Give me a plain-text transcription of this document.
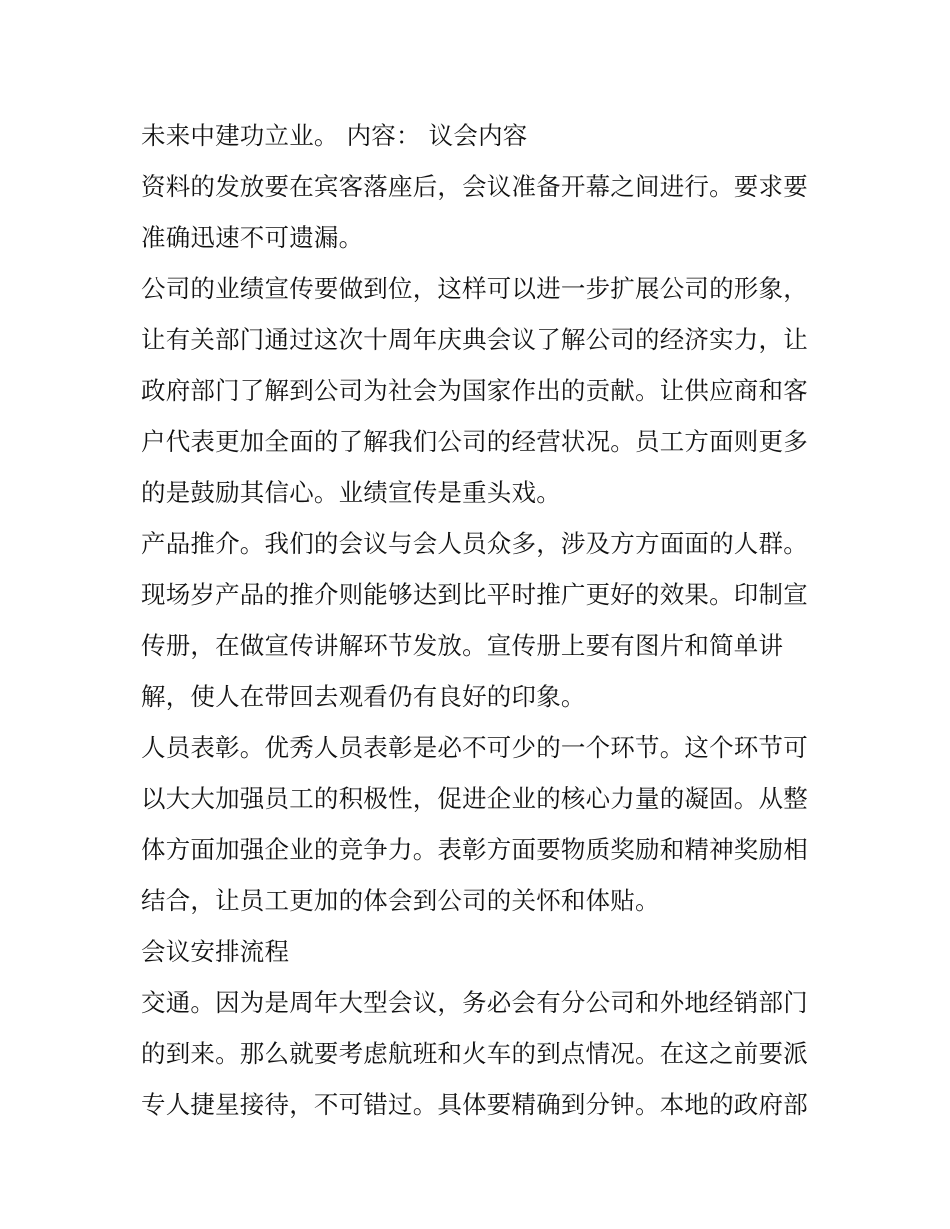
未来中建功立业。 内容： 议会内容
资料的发放要在宾客落座后，会议准备开幕之间进行。要求要
准确迅速不可遗漏。
公司的业绩宣传要做到位，这样可以进一步扩展公司的形象，
让有关部门通过这次十周年庆典会议了解公司的经济实力，让
政府部门了解到公司为社会为国家作出的贡献。让供应商和客
户代表更加全面的了解我们公司的经营状况。员工方面则更多
的是鼓励其信心。业绩宣传是重头戏。
产品推介。我们的会议与会人员众多，涉及方方面面的人群。
现场岁产品的推介则能够达到比平时推广更好的效果。印制宣
传册，在做宣传讲解环节发放。宣传册上要有图片和简单讲
解，使人在带回去观看仍有良好的印象。
人员表彰。优秀人员表彰是必不可少的一个环节。这个环节可
以大大加强员工的积极性，促进企业的核心力量的凝固。从整
体方面加强企业的竞争力。表彰方面要物质奖励和精神奖励相
结合，让员工更加的体会到公司的关怀和体贴。
会议安排流程
交通。因为是周年大型会议，务必会有分公司和外地经销部门
的到来。那么就要考虑航班和火车的到点情况。在这之前要派
专人捷星接待，不可错过。具体要精确到分钟。本地的政府部
